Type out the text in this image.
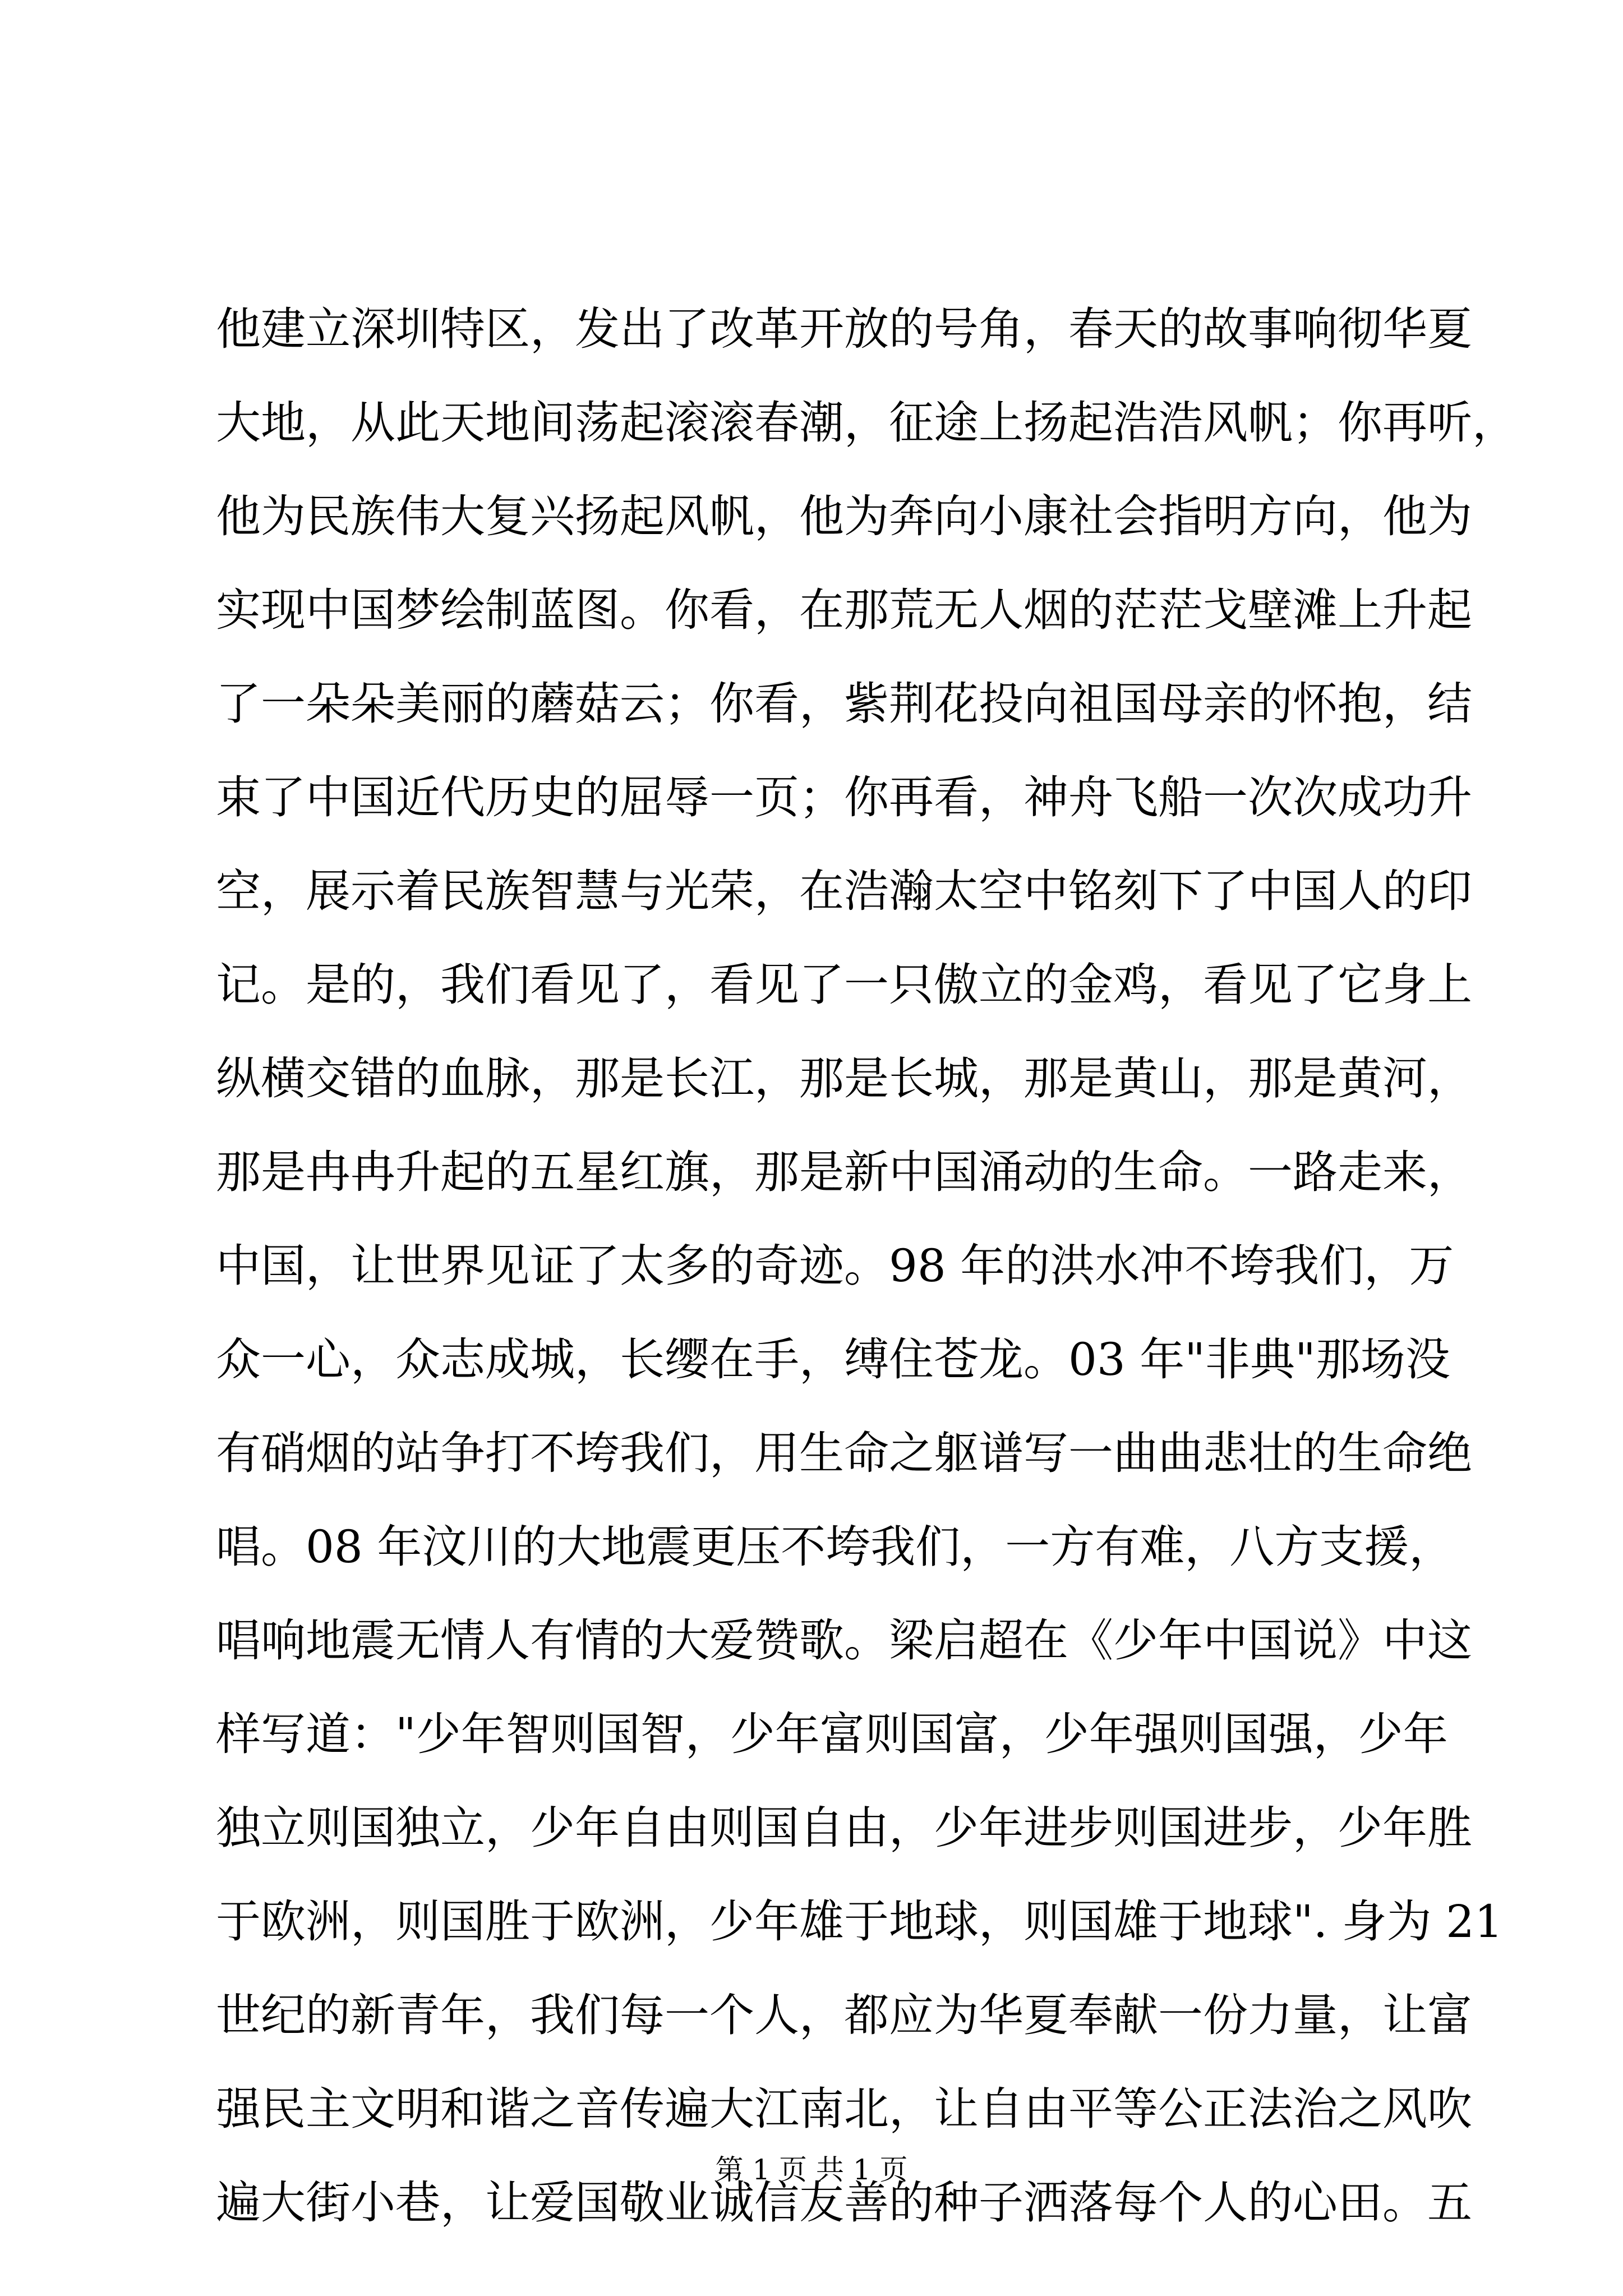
他建立深圳特区，发出了改革开放的号角，春天的故事响彻华夏
大地，从此天地间荡起滚滚春潮，征途上扬起浩浩风帆；你再听，
他为民族伟大复兴扬起风帆，他为奔向小康社会指明方向，他为
实现中国梦绘制蓝图。你看，在那荒无人烟的茫茫戈壁滩上升起
了一朵朵美丽的蘑菇云；你看，紫荆花投向祖国母亲的怀抱，结
束了中国近代历史的屈辱一页；你再看，神舟飞船一次次成功升
空，展示着民族智慧与光荣，在浩瀚太空中铭刻下了中国人的印
记。是的，我们看见了，看见了一只傲立的金鸡，看见了它身上
纵横交错的血脉，那是长江，那是长城，那是黄山，那是黄河，
那是冉冉升起的五星红旗，那是新中国涌动的生命。一路走来，
中国，让世界见证了太多的奇迹。98 年的洪水冲不垮我们，万
众一心，众志成城，长缨在手，缚住苍龙。03 年"非典"那场没
有硝烟的站争打不垮我们，用生命之躯谱写一曲曲悲壮的生命绝
唱。08 年汶川的大地震更压不垮我们，一方有难，八方支援，
唱响地震无情人有情的大爱赞歌。梁启超在《少年中国说》中这
样写道："少年智则国智，少年富则国富，少年强则国强，少年
独立则国独立，少年自由则国自由，少年进步则国进步，少年胜
于欧洲，则国胜于欧洲，少年雄于地球，则国雄于地球". 身为 21
世纪的新青年，我们每一个人，都应为华夏奉献一份力量，让富
强民主文明和谐之音传遍大江南北，让自由平等公正法治之风吹
遍大街小巷，让爱国敬业诚信友善的种子洒落每个人的心田。五
第 1 页 共 1 页
